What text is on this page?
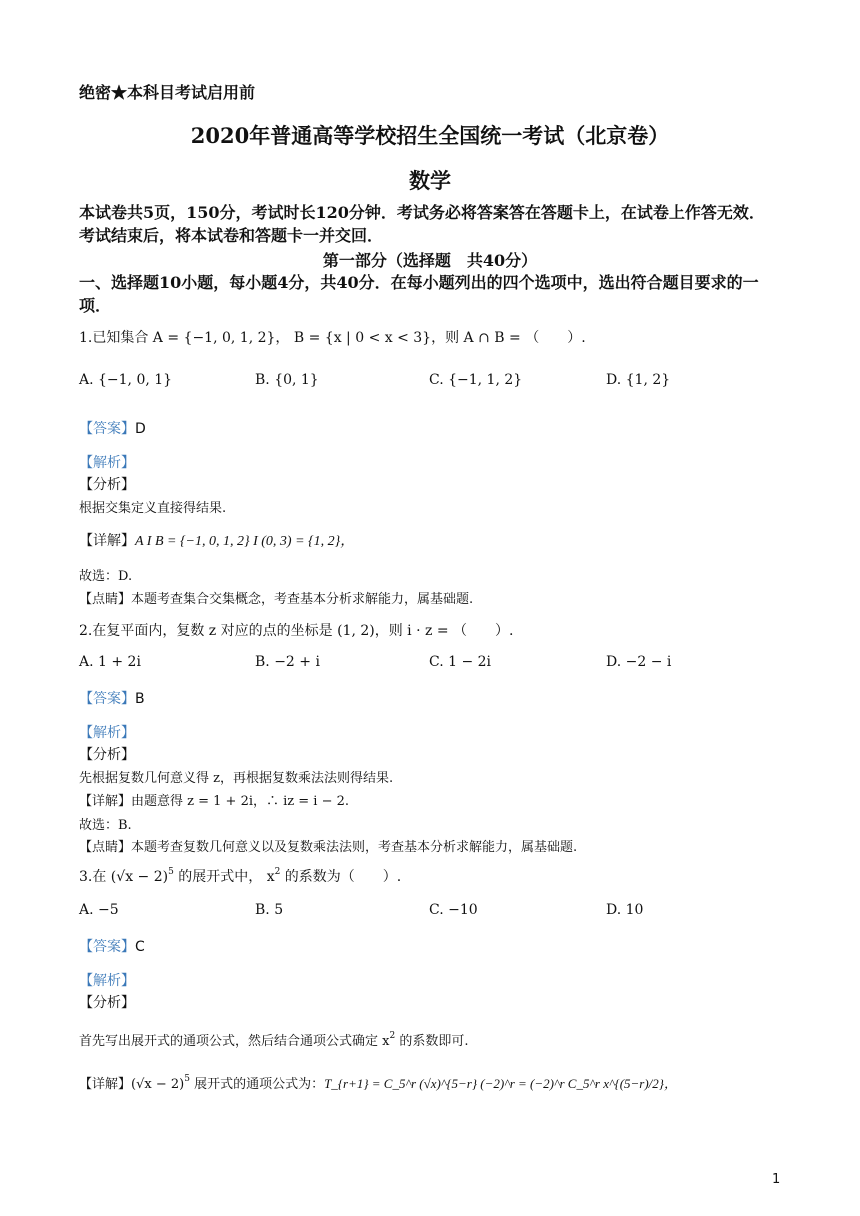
绝密★本科目考试启用前
2020年普通高等学校招生全国统一考试（北京卷）
数学
本试卷共5页，150分，考试时长120分钟．考试务必将答案答在答题卡上，在试卷上作答无效．考试结束后，将本试卷和答题卡一并交回．
第一部分（选择题　共40分）
一、选择题10小题，每小题4分，共40分．在每小题列出的四个选项中，选出符合题目要求的一项．
1.已知集合 A = {−1, 0, 1, 2}， B = {x | 0 < x < 3}，则 A ∩ B = （　　）.
A. {−1, 0, 1}	B. {0, 1}	C. {−1, 1, 2}	D. {1, 2}
【答案】D
【解析】
【分析】
根据交集定义直接得结果.
【详解】A I B = {−1, 0, 1, 2} I (0, 3) = {1, 2}，
故选：D.
【点睛】本题考查集合交集概念，考查基本分析求解能力，属基础题.
2.在复平面内，复数 z 对应的点的坐标是 (1, 2)，则 i · z = （　　）.
A. 1 + 2i	B. −2 + i	C. 1 − 2i	D. −2 − i
【答案】B
【解析】
【分析】
先根据复数几何意义得 z，再根据复数乘法法则得结果.
【详解】由题意得 z = 1 + 2i，∴ iz = i − 2.
故选：B.
【点睛】本题考查复数几何意义以及复数乘法法则，考查基本分析求解能力，属基础题.
3.在 $(√x - 2)^5$ 的展开式中， $x^2$ 的系数为（　　）.
A. −5	B. 5	C. −10	D. 10
【答案】C
【解析】
【分析】
首先写出展开式的通项公式，然后结合通项公式确定 $x^2$ 的系数即可.
【详解】$(√x - 2)^5$ 展开式的通项公式为：T_{r+1} = C_5^r (√x)^{5−r} (−2)^r = (−2)^r C_5^r x^{(5−r)/2}，
1
